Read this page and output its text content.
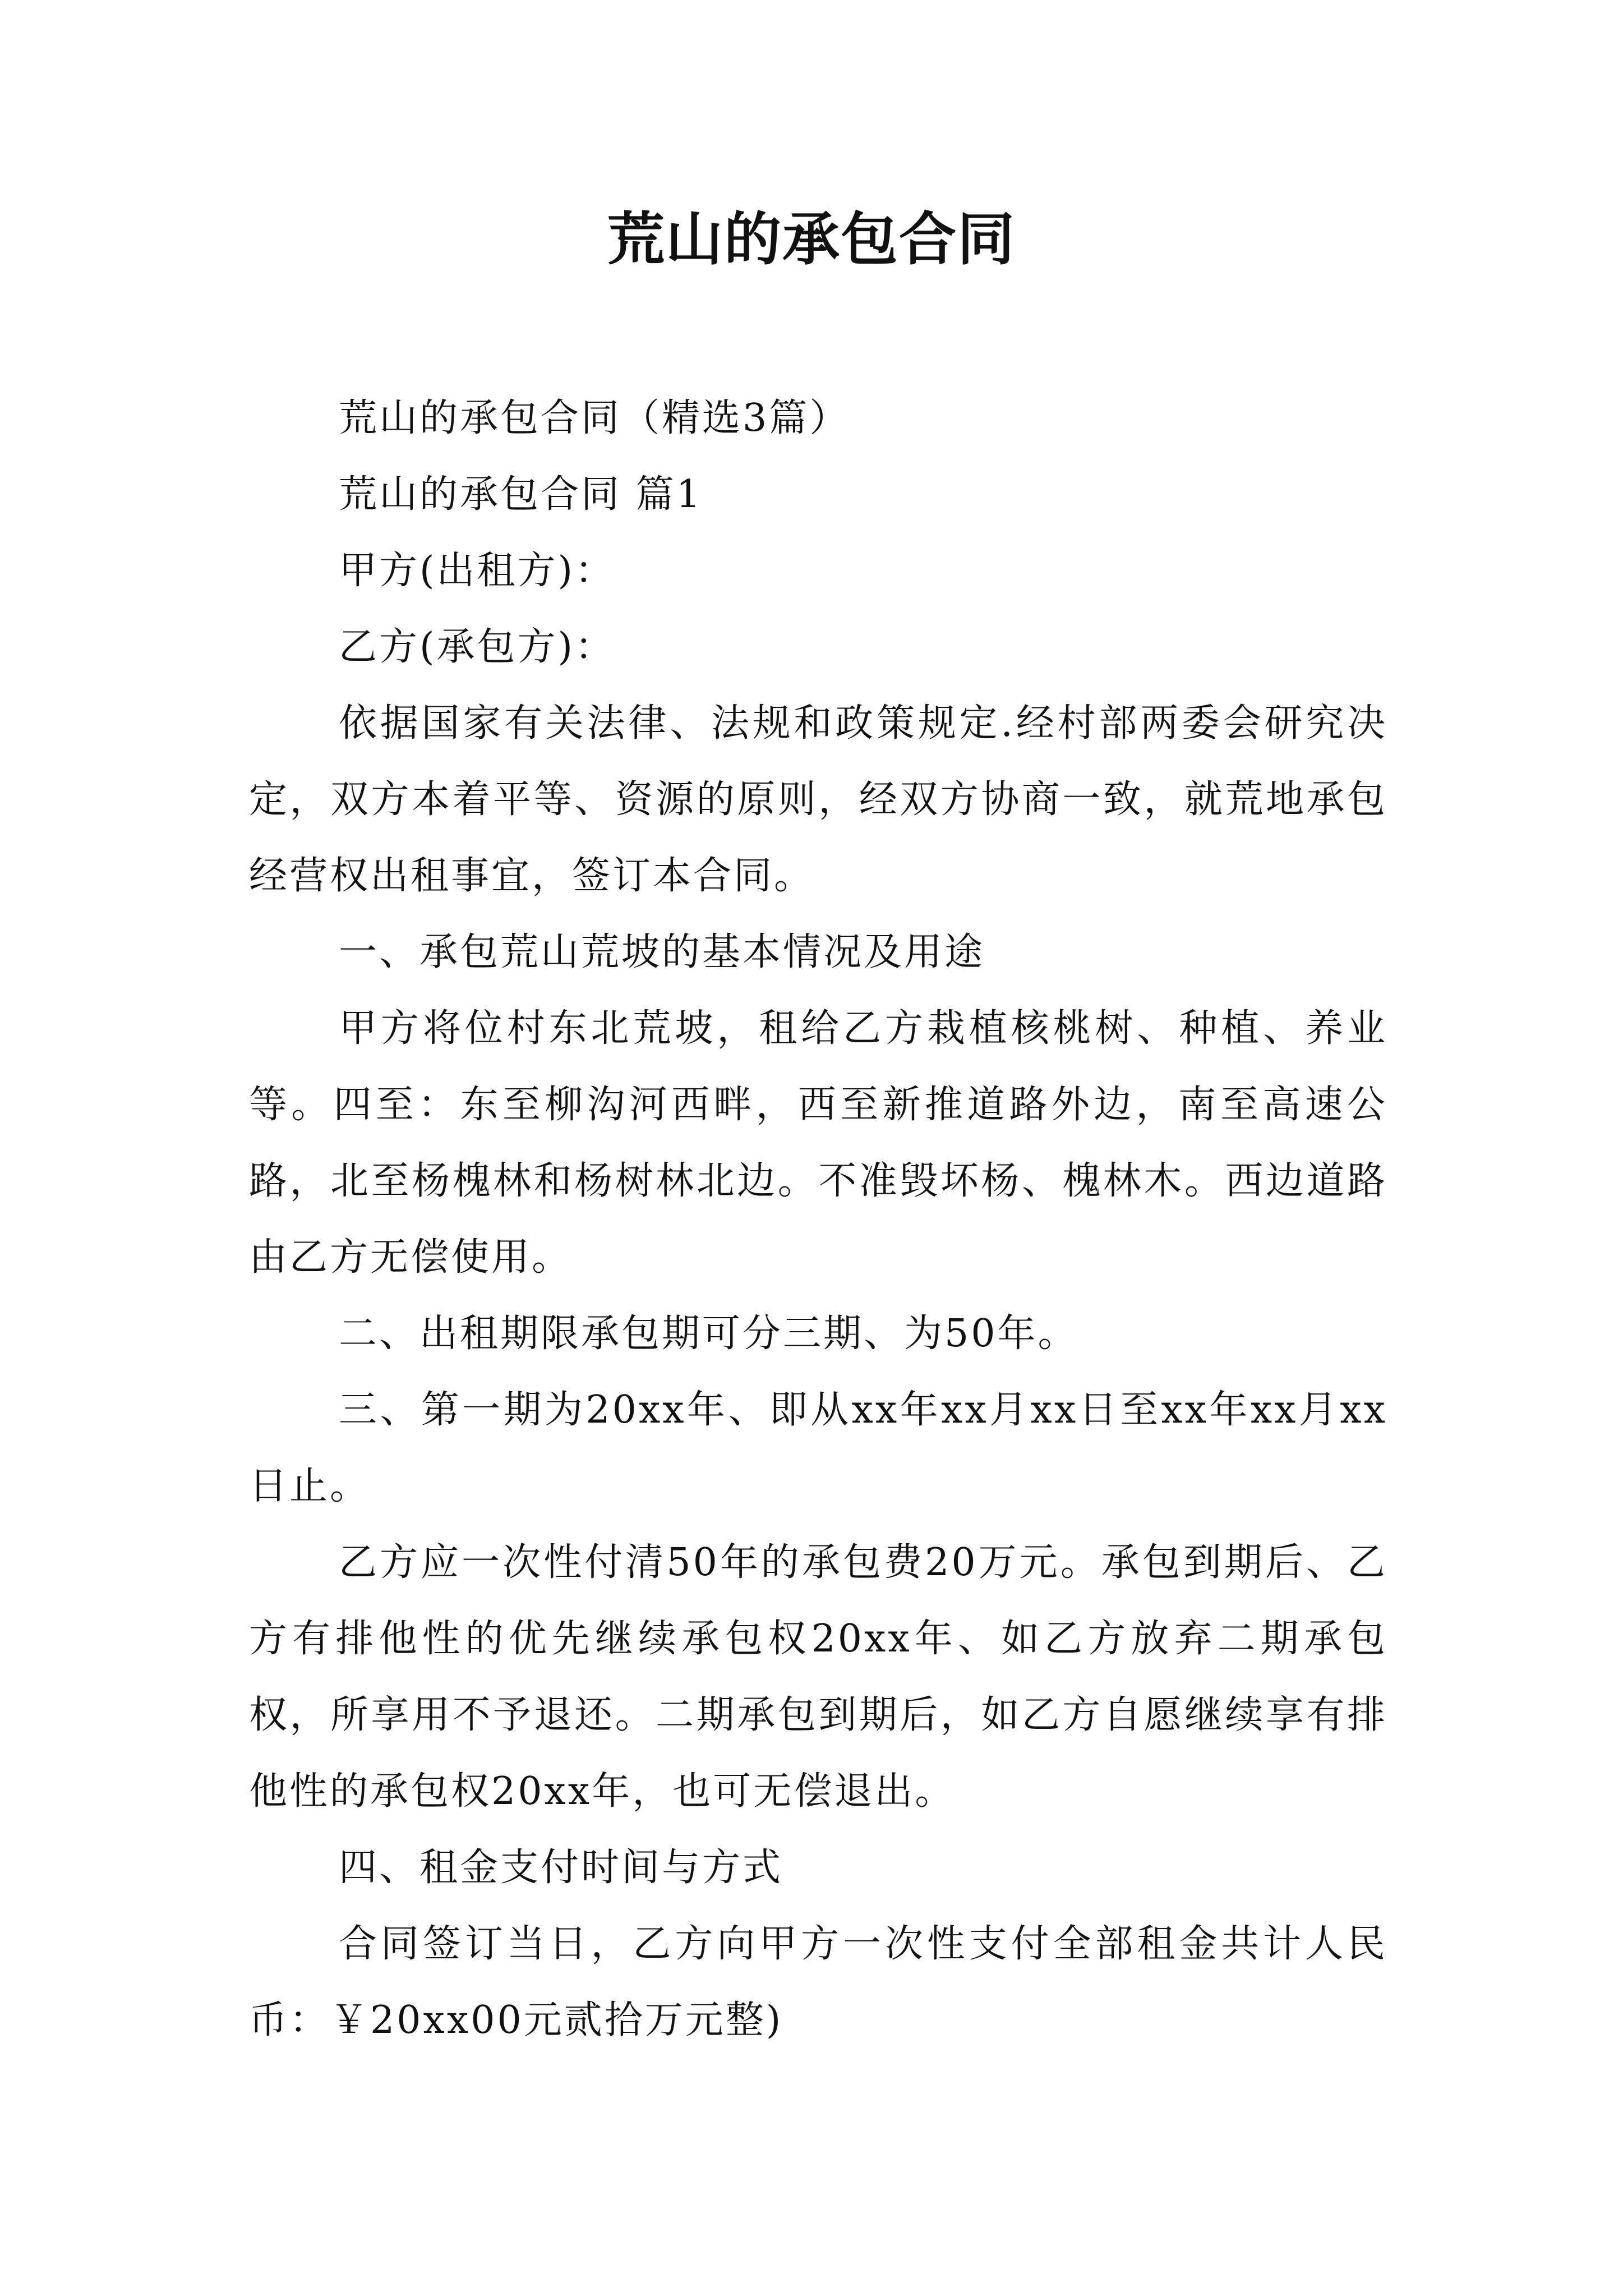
荒山的承包合同

荒山的承包合同（精选3篇）

荒山的承包合同 篇1

甲方(出租方)：

乙方(承包方)：

依据国家有关法律、法规和政策规定.经村部两委会研究决定，双方本着平等、资源的原则，经双方协商一致，就荒地承包经营权出租事宜，签订本合同。

一、承包荒山荒坡的基本情况及用途

甲方将位村东北荒坡，租给乙方栽植核桃树、种植、养业等。四至：东至柳沟河西畔，西至新推道路外边，南至高速公路，北至杨槐林和杨树林北边。不准毁坏杨、槐林木。西边道路由乙方无偿使用。

二、出租期限承包期可分三期、为50年。

三、第一期为20xx年、即从xx年xx月xx日至xx年xx月xx日止。

乙方应一次性付清50年的承包费20万元。承包到期后、乙方有排他性的优先继续承包权20xx年、如乙方放弃二期承包权，所享用不予退还。二期承包到期后，如乙方自愿继续享有排他性的承包权20xx年，也可无偿退出。

四、租金支付时间与方式

合同签订当日，乙方向甲方一次性支付全部租金共计人民币：￥20xx00元贰拾万元整)
